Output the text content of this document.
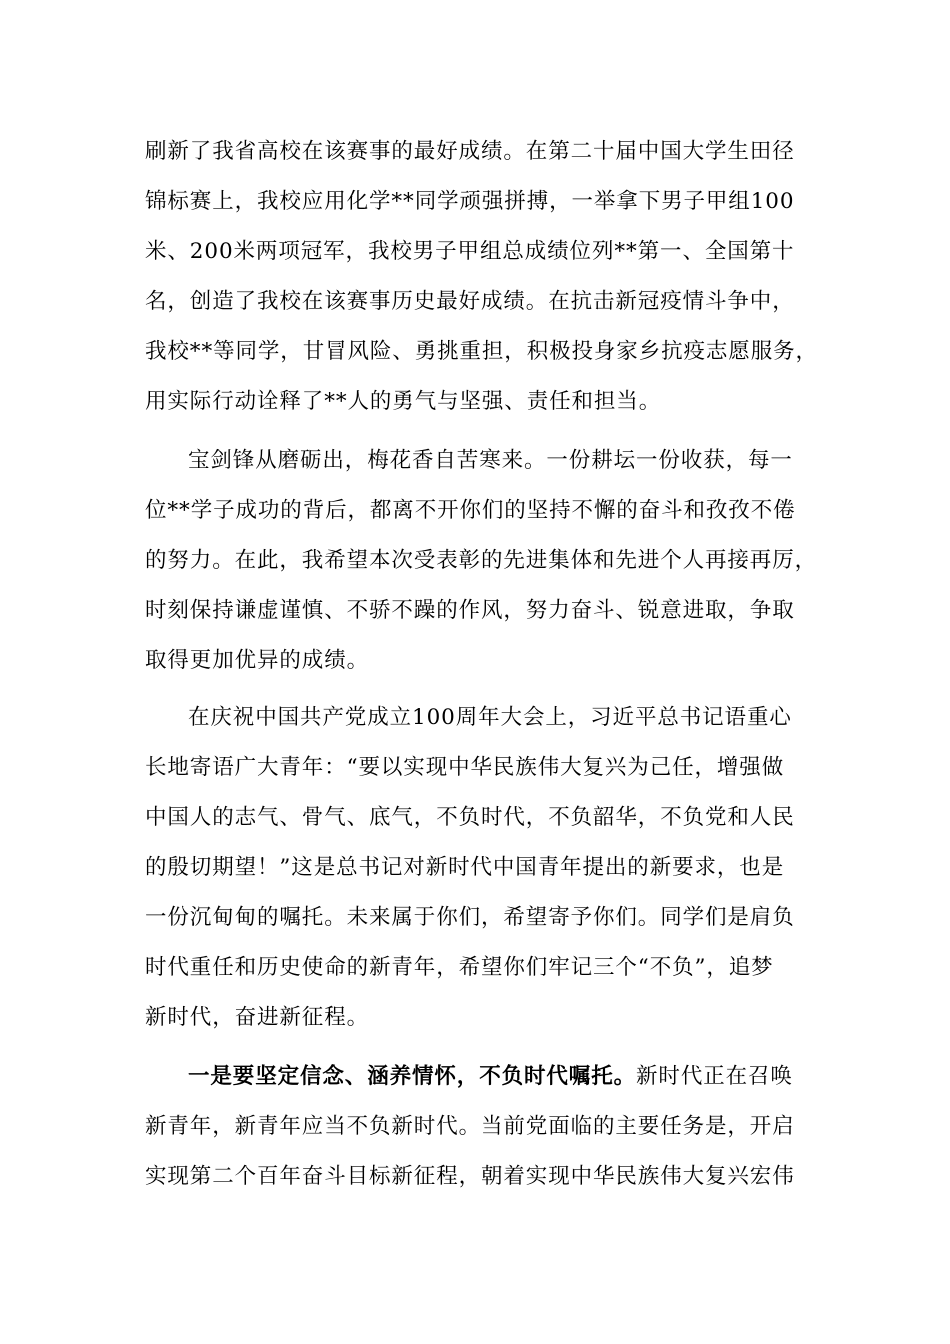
刷新了我省高校在该赛事的最好成绩。在第二十届中国大学生田径
锦标赛上，我校应用化学**同学顽强拼搏，一举拿下男子甲组100
米、200米两项冠军，我校男子甲组总成绩位列**第一、全国第十
名，创造了我校在该赛事历史最好成绩。在抗击新冠疫情斗争中，
我校**等同学，甘冒风险、勇挑重担，积极投身家乡抗疫志愿服务，
用实际行动诠释了**人的勇气与坚强、责任和担当。
宝剑锋从磨砺出，梅花香自苦寒来。一份耕坛一份收获，每一
位**学子成功的背后，都离不开你们的坚持不懈的奋斗和孜孜不倦
的努力。在此，我希望本次受表彰的先进集体和先进个人再接再厉，
时刻保持谦虚谨慎、不骄不躁的作风，努力奋斗、锐意进取，争取
取得更加优异的成绩。
在庆祝中国共产党成立100周年大会上，习近平总书记语重心
长地寄语广大青年：“要以实现中华民族伟大复兴为己任，增强做
中国人的志气、骨气、底气，不负时代，不负韶华，不负党和人民
的殷切期望！”这是总书记对新时代中国青年提出的新要求，也是
一份沉甸甸的嘱托。未来属于你们，希望寄予你们。同学们是肩负
时代重任和历史使命的新青年，希望你们牢记三个“不负”，追梦
新时代，奋进新征程。
一是要坚定信念、涵养情怀，不负时代嘱托。新时代正在召唤
新青年，新青年应当不负新时代。当前党面临的主要任务是，开启
实现第二个百年奋斗目标新征程，朝着实现中华民族伟大复兴宏伟
